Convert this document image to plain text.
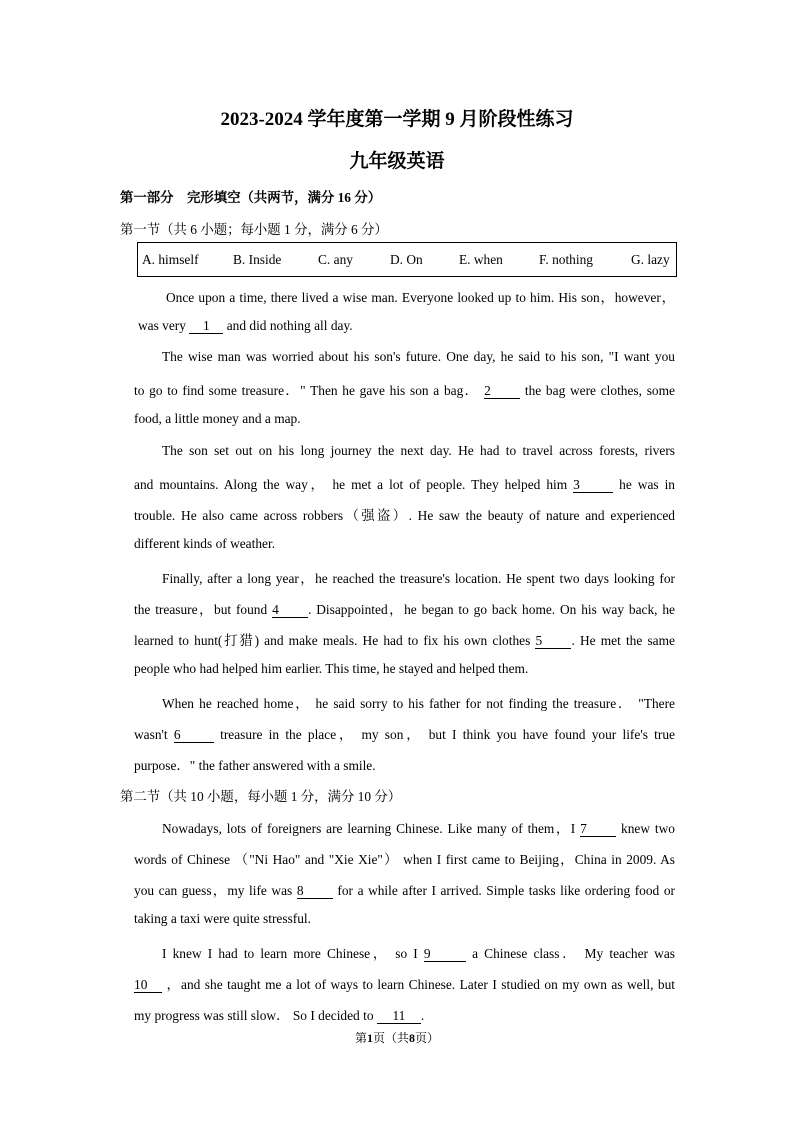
2023-2024 学年度第一学期 9 月阶段性练习
九年级英语
第一部分　完形填空（共两节，满分 16 分）
第一节（共 6 小题；每小题 1 分，满分 6 分）
A. himself	B. Inside	C. any	D. On	E. when	F. nothing	G. lazy
Once upon a time, there lived a wise man. Everyone looked up to him. His son，however，
was very 1 and did nothing all day.
The wise man was worried about his son's future. One day, he said to his son, "I want you
to go to find some treasure．" Then he gave his son a bag． 2	the bag were clothes, some
food, a little money and a map.
The son set out on his long journey the next day. He had to travel across forests, rivers
and mountains. Along the way， he met a lot of people. They helped him 3	he was in
trouble. He also came across robbers（强盗）. He saw the beauty of nature and experienced
different kinds of weather.
Finally, after a long year，he reached the treasure's location. He spent two days looking for
the treasure，but found 4 . Disappointed，he began to go back home. On his way back, he
learned to hunt(打猎) and make meals. He had to fix his own clothes 5 . He met the same
people who had helped him earlier. This time, he stayed and helped them.
When he reached home， he said sorry to his father for not finding the treasure． "There
wasn't 6	treasure in the place， my son， but I think you have found your life's true
purpose．" the father answered with a smile.
第二节（共 10 小题，每小题 1 分，满分 10 分）
Nowadays, lots of foreigners are learning Chinese. Like many of them，I 7	knew two
words of Chinese （"Ni Hao" and "Xie Xie"） when I first came to Beijing，China in 2009. As
you can guess，my life was 8	for a while after I arrived. Simple tasks like ordering food or
taking a taxi were quite stressful.
I knew I had to learn more Chinese， so I 9	a Chinese class． My teacher was
10 ，and she taught me a lot of ways to learn Chinese. Later I studied on my own as well, but
my progress was still slow． So I decided to 11 .
第1页（共8页）
